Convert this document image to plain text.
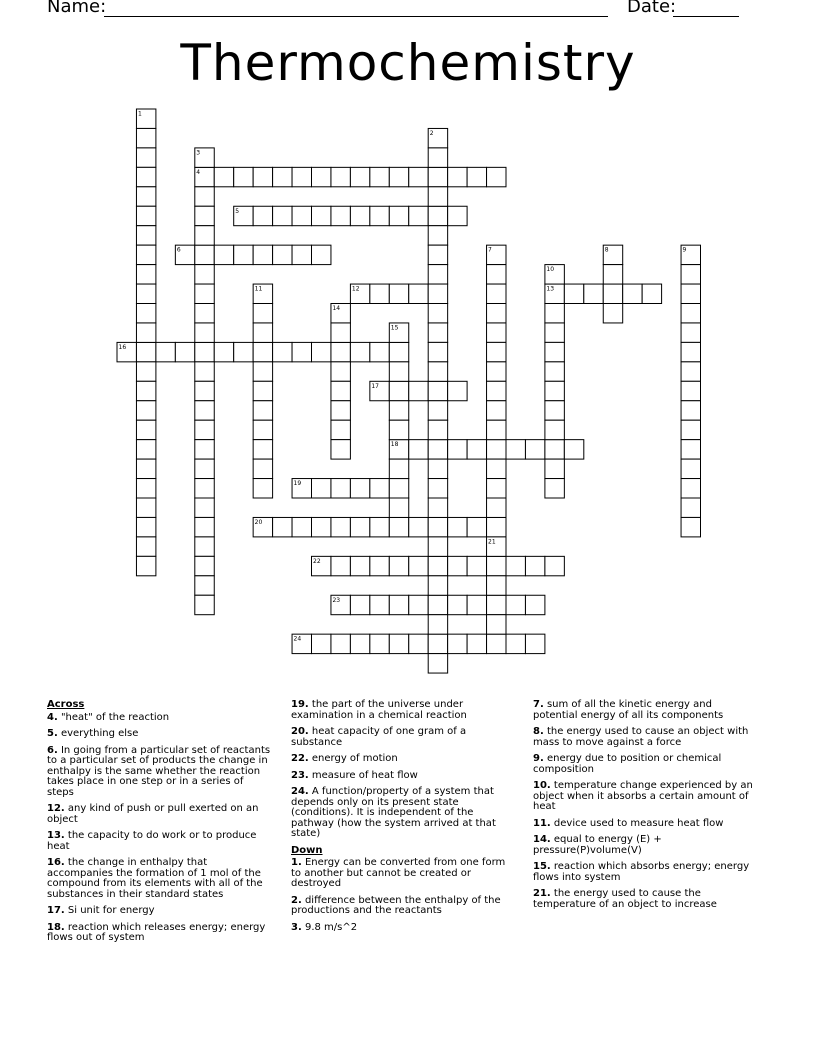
Name:	Date:
Thermochemistry
4
5
6
12	13
16
17
18
19
20
22
23
24
1
2
3
7	8	9
10
11
14
15
21
Across
4. "heat" of the reaction
5. everything else
6. In going from a particular set of reactants to a particular set of products the change in enthalpy is the same whether the reaction takes place in one step or in a series of steps
12. any kind of push or pull exerted on an object
13. the capacity to do work or to produce heat
16. the change in enthalpy that accompanies the formation of 1 mol of the compound from its elements with all of the substances in their standard states
17. Si unit for energy
18. reaction which releases energy; energy flows out of system
19. the part of the universe under examination in a chemical reaction
20. heat capacity of one gram of a substance
22. energy of motion
23. measure of heat flow
24. A function/property of a system that depends only on its present state (conditions). It is independent of the pathway (how the system arrived at that state)
Down
1. Energy can be converted from one form to another but cannot be created or destroyed
2. difference between the enthalpy of the productions and the reactants
3. 9.8 m/s^2
7. sum of all the kinetic energy and potential energy of all its components
8. the energy used to cause an object with mass to move against a force
9. energy due to position or chemical composition
10. temperature change experienced by an object when it absorbs a certain amount of heat
11. device used to measure heat flow
14. equal to energy (E) + pressure(P)volume(V)
15. reaction which absorbs energy; energy flows into system
21. the energy used to cause the temperature of an object to increase
